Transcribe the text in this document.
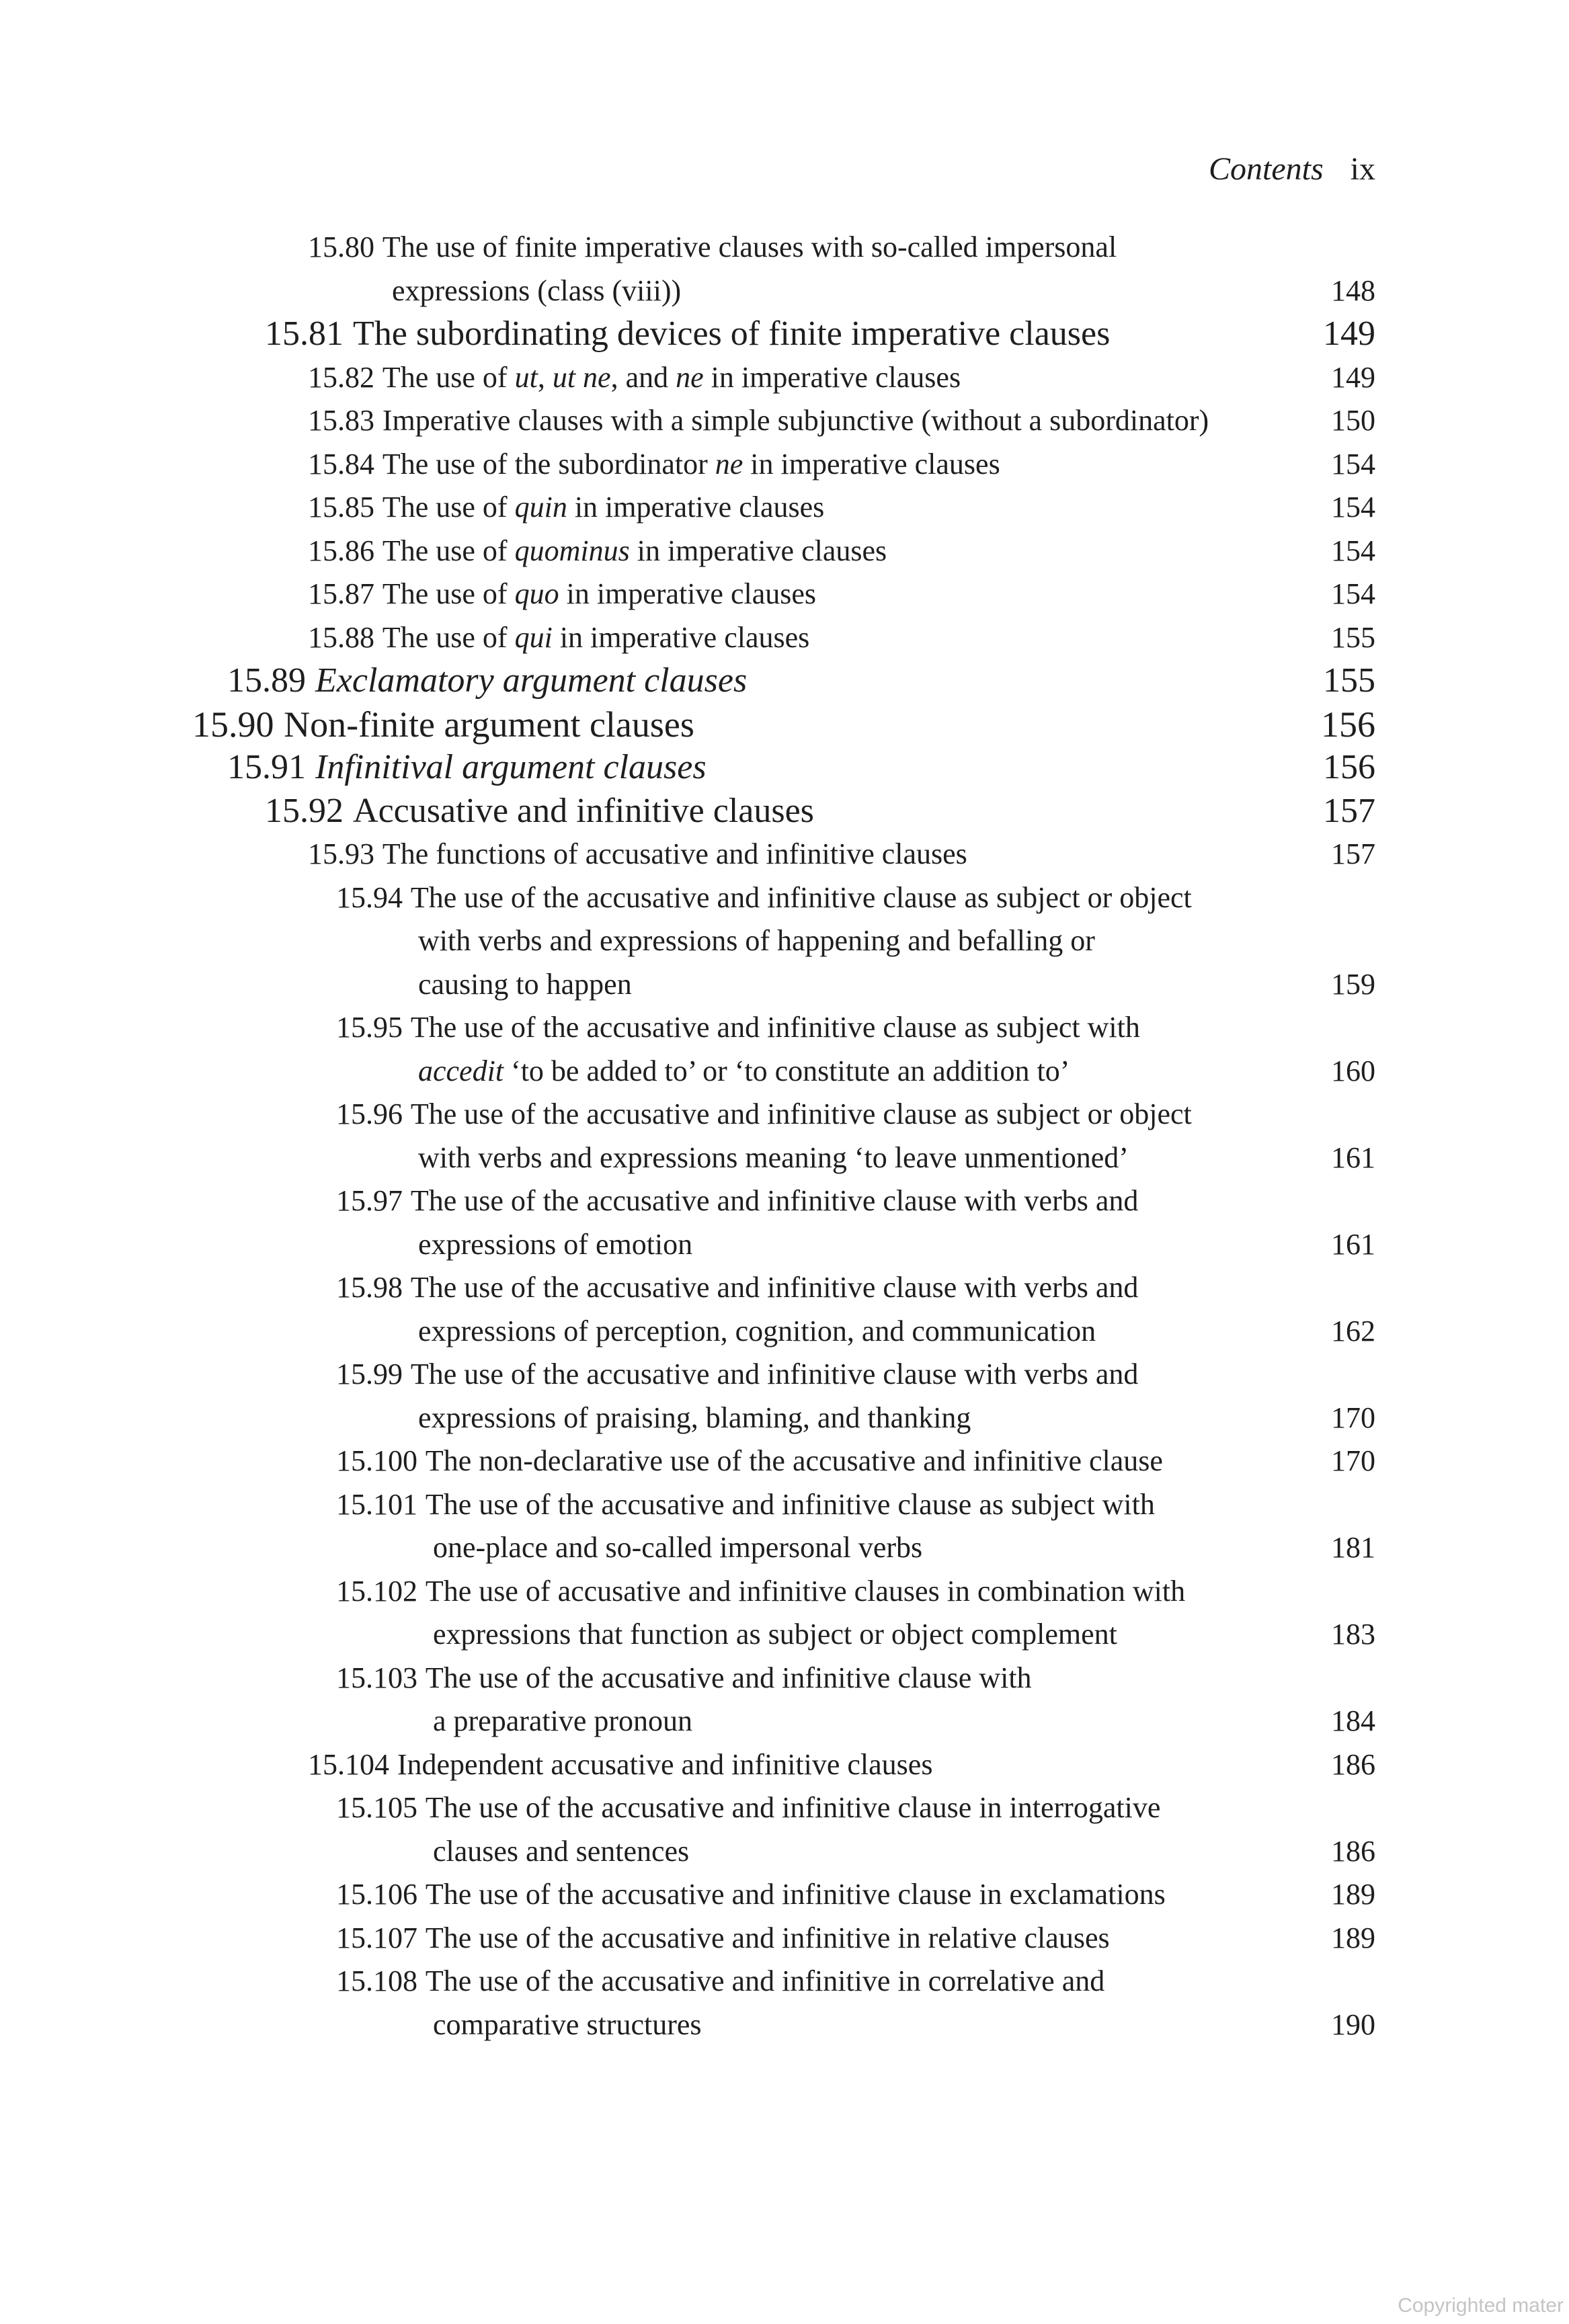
Contents ix
15.80 The use of finite imperative clauses with so-called impersonal
expressions (class (viii))	148
15.81 The subordinating devices of finite imperative clauses	149
15.82 The use of ut, ut ne, and ne in imperative clauses	149
15.83 Imperative clauses with a simple subjunctive (without a subordinator)	150
15.84 The use of the subordinator ne in imperative clauses	154
15.85 The use of quin in imperative clauses	154
15.86 The use of quominus in imperative clauses	154
15.87 The use of quo in imperative clauses	154
15.88 The use of qui in imperative clauses	155
15.89 Exclamatory argument clauses	155
15.90 Non-finite argument clauses	156
15.91 Infinitival argument clauses	156
15.92 Accusative and infinitive clauses	157
15.93 The functions of accusative and infinitive clauses	157
15.94 The use of the accusative and infinitive clause as subject or object
with verbs and expressions of happening and befalling or
causing to happen	159
15.95 The use of the accusative and infinitive clause as subject with
accedit ‘to be added to’ or ‘to constitute an addition to’	160
15.96 The use of the accusative and infinitive clause as subject or object
with verbs and expressions meaning ‘to leave unmentioned’	161
15.97 The use of the accusative and infinitive clause with verbs and
expressions of emotion	161
15.98 The use of the accusative and infinitive clause with verbs and
expressions of perception, cognition, and communication	162
15.99 The use of the accusative and infinitive clause with verbs and
expressions of praising, blaming, and thanking	170
15.100 The non-declarative use of the accusative and infinitive clause	170
15.101 The use of the accusative and infinitive clause as subject with
one-place and so-called impersonal verbs	181
15.102 The use of accusative and infinitive clauses in combination with
expressions that function as subject or object complement	183
15.103 The use of the accusative and infinitive clause with
a preparative pronoun	184
15.104 Independent accusative and infinitive clauses	186
15.105 The use of the accusative and infinitive clause in interrogative
clauses and sentences	186
15.106 The use of the accusative and infinitive clause in exclamations	189
15.107 The use of the accusative and infinitive in relative clauses	189
15.108 The use of the accusative and infinitive in correlative and
comparative structures	190
Copyrighted mater
